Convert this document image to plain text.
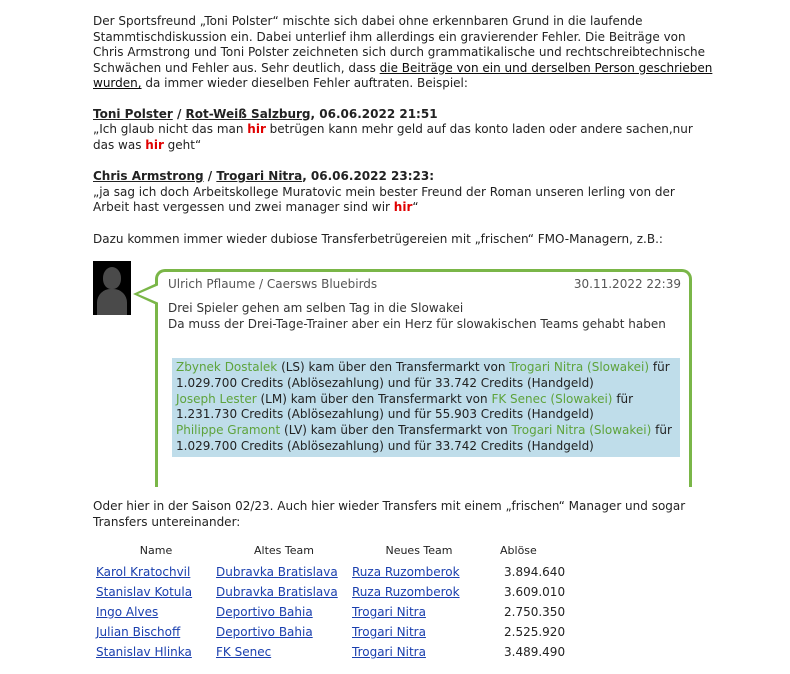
Der Sportsfreund „Toni Polster“ mischte sich dabei ohne erkennbaren Grund in die laufende Stammtischdiskussion ein. Dabei unterlief ihm allerdings ein gravierender Fehler. Die Beiträge von Chris Armstrong und Toni Polster zeichneten sich durch grammatikalische und rechtschreibtechnische Schwächen und Fehler aus. Sehr deutlich, dass die Beiträge von ein und derselben Person geschrieben wurden, da immer wieder dieselben Fehler auftraten. Beispiel:

Toni Polster / Rot-Weiß Salzburg, 06.06.2022 21:51

„Ich glaub nicht das man hir betrügen kann mehr geld auf das konto laden oder andere sachen,nur das was hir geht“

Chris Armstrong / Trogari Nitra, 06.06.2022 23:23:

„ja sag ich doch Arbeitskollege Muratovic mein bester Freund der Roman unseren lerling von der Arbeit hast vergessen und zwei manager sind wir hir“

Dazu kommen immer wieder dubiose Transferbetrügereien mit „frischen“ FMO-Managern, z.B.:

Ulrich Pflaume / Caersws Bluebirds	30.11.2022 22:39
Drei Spieler gehen am selben Tag in die Slowakei
Da muss der Drei-Tage-Trainer aber ein Herz für slowakischen Teams gehabt haben
Zbynek Dostalek (LS) kam über den Transfermarkt von Trogari Nitra (Slowakei) für 1.029.700 Credits (Ablösezahlung) und für 33.742 Credits (Handgeld)
Joseph Lester (LM) kam über den Transfermarkt von FK Senec (Slowakei) für 1.231.730 Credits (Ablösezahlung) und für 55.903 Credits (Handgeld)
Philippe Gramont (LV) kam über den Transfermarkt von Trogari Nitra (Slowakei) für 1.029.700 Credits (Ablösezahlung) und für 33.742 Credits (Handgeld)

Oder hier in der Saison 02/23. Auch hier wieder Transfers mit einem „frischen“ Manager und sogar Transfers untereinander:

Name	Altes Team	Neues Team	Ablöse
Karol Kratochvil	Dubravka Bratislava	Ruza Ruzomberok	3.894.640
Stanislav Kotula	Dubravka Bratislava	Ruza Ruzomberok	3.609.010
Ingo Alves	Deportivo Bahia	Trogari Nitra	2.750.350
Julian Bischoff	Deportivo Bahia	Trogari Nitra	2.525.920
Stanislav Hlinka	FK Senec	Trogari Nitra	3.489.490
